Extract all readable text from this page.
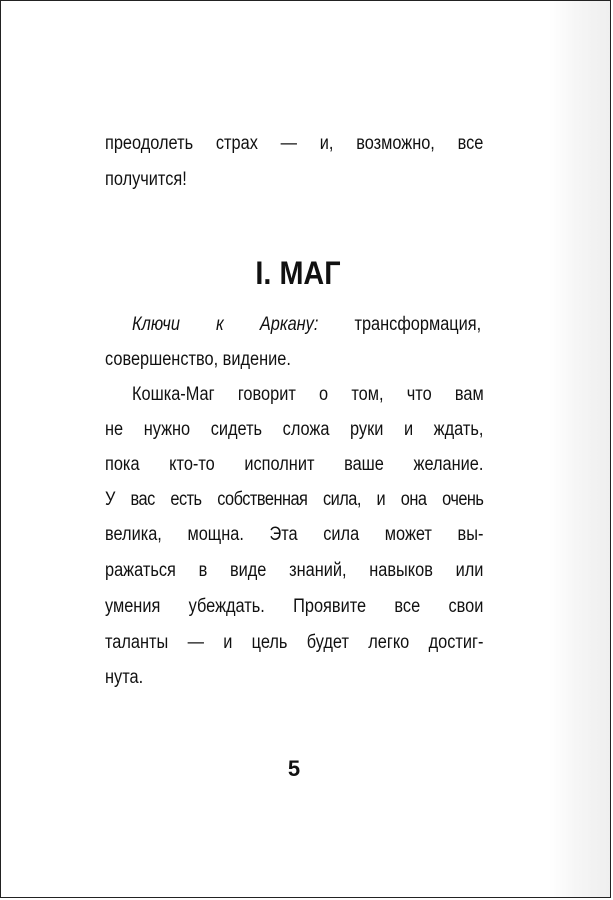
преодолеть страх — и, возможно, все
получится!
I. МАГ
Ключи к Аркану: трансформация,
совершенство, видение.
Кошка-Маг говорит о том, что вам
не нужно сидеть сложа руки и ждать,
пока кто-то исполнит ваше желание.
У вас есть собственная сила, и она очень
велика, мощна. Эта сила может вы-
ражаться в виде знаний, навыков или
умения убеждать. Проявите все свои
таланты — и цель будет легко достиг-
нута.
5
